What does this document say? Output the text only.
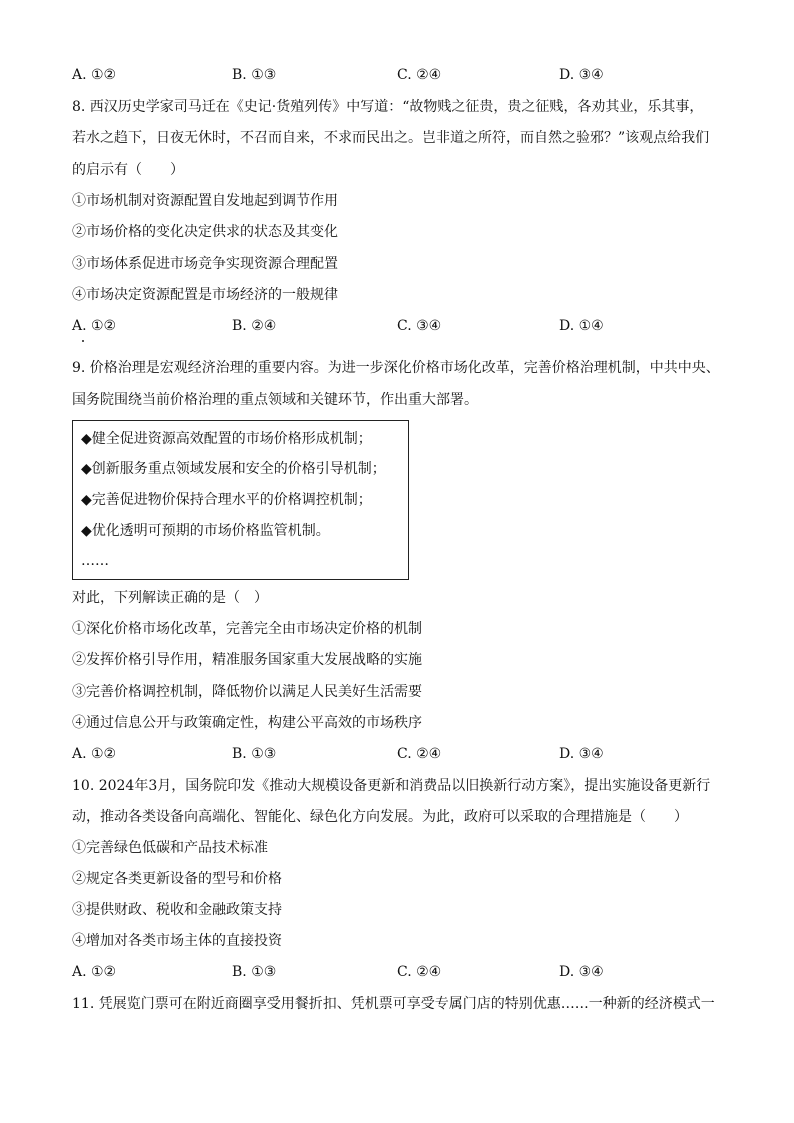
A. ①②	B. ①③	C. ②④	D. ③④
8. 西汉历史学家司马迁在《史记·货殖列传》中写道：“故物贱之征贵，贵之征贱，各劝其业，乐其事，
若水之趋下，日夜无休时，不召而自来，不求而民出之。岂非道之所符，而自然之验邪？”该观点给我们
的启示有（　　）
①市场机制对资源配置自发地起到调节作用
②市场价格的变化决定供求的状态及其变化
③市场体系促进市场竞争实现资源合理配置
④市场决定资源配置是市场经济的一般规律
A. ①②	B. ②④	C. ③④	D. ①④
9. 价格治理是宏观经济治理的重要内容。为进一步深化价格市场化改革，完善价格治理机制，中共中央、
国务院围绕当前价格治理的重点领域和关键环节，作出重大部署。
◆健全促进资源高效配置的市场价格形成机制；
◆创新服务重点领域发展和安全的价格引导机制；
◆完善促进物价保持合理水平的价格调控机制；
◆优化透明可预期的市场价格监管机制。
……
对此，下列解读正确的是（　）
①深化价格市场化改革，完善完全由市场决定价格的机制
②发挥价格引导作用，精准服务国家重大发展战略的实施
③完善价格调控机制，降低物价以满足人民美好生活需要
④通过信息公开与政策确定性，构建公平高效的市场秩序
A. ①②	B. ①③	C. ②④	D. ③④
10. 2024年3月，国务院印发《推动大规模设备更新和消费品以旧换新行动方案》，提出实施设备更新行
动，推动各类设备向高端化、智能化、绿色化方向发展。为此，政府可以采取的合理措施是（　　）
①完善绿色低碳和产品技术标准
②规定各类更新设备的型号和价格
③提供财政、税收和金融政策支持
④增加对各类市场主体的直接投资
A. ①②	B. ①③	C. ②④	D. ③④
11. 凭展览门票可在附近商圈享受用餐折扣、凭机票可享受专属门店的特别优惠……一种新的经济模式一
